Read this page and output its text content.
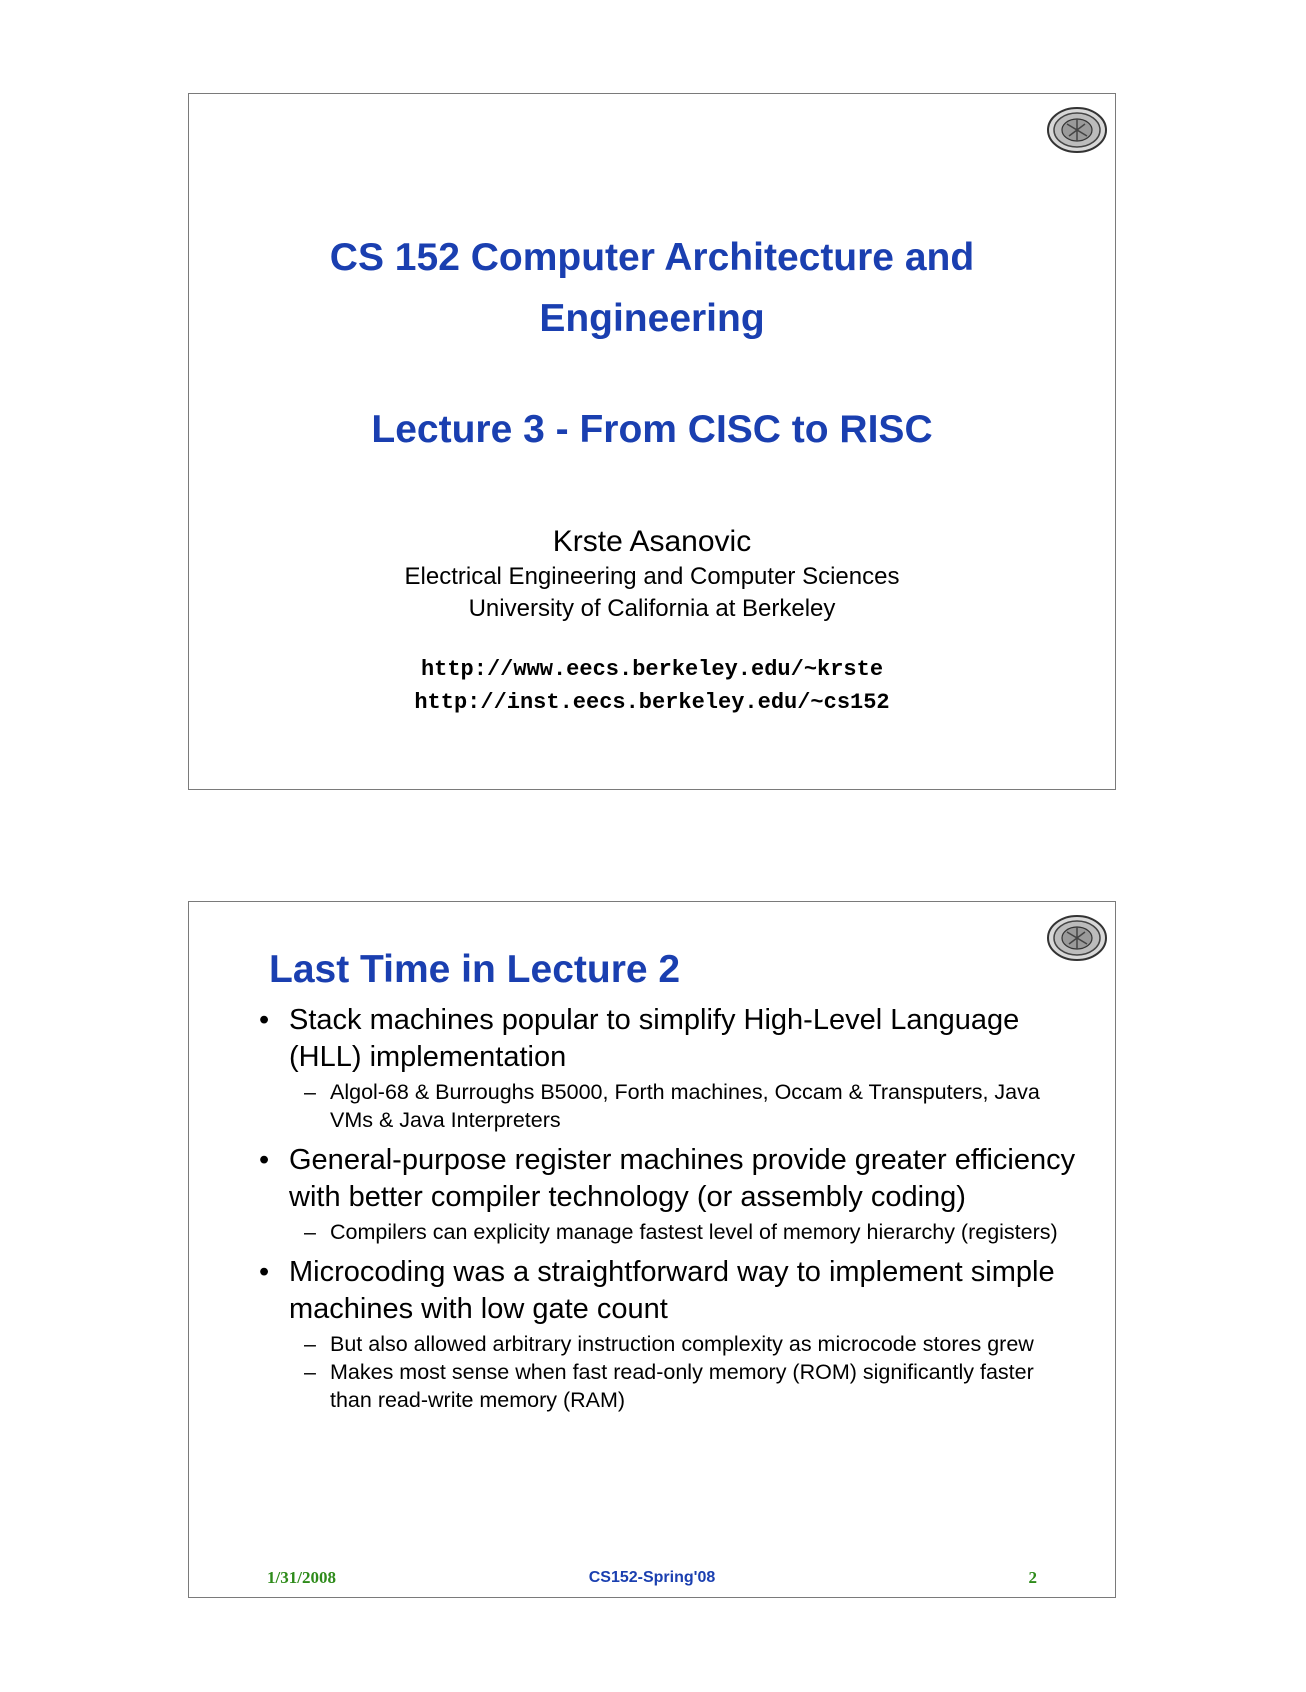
CS 152 Computer Architecture and
Engineering
Lecture 3 - From CISC to RISC
Krste Asanovic
Electrical Engineering and Computer Sciences
University of California at Berkeley
http://www.eecs.berkeley.edu/~krste
http://inst.eecs.berkeley.edu/~cs152
Last Time in Lecture 2
• Stack machines popular to simplify High-Level Language (HLL) implementation
– Algol-68 & Burroughs B5000, Forth machines, Occam & Transputers, Java VMs & Java Interpreters
• General-purpose register machines provide greater efficiency with better compiler technology (or assembly coding)
– Compilers can explicity manage fastest level of memory hierarchy (registers)
• Microcoding was a straightforward way to implement simple machines with low gate count
– But also allowed arbitrary instruction complexity as microcode stores grew
– Makes most sense when fast read-only memory (ROM) significantly faster than read-write memory (RAM)
1/31/2008	CS152-Spring'08	2
